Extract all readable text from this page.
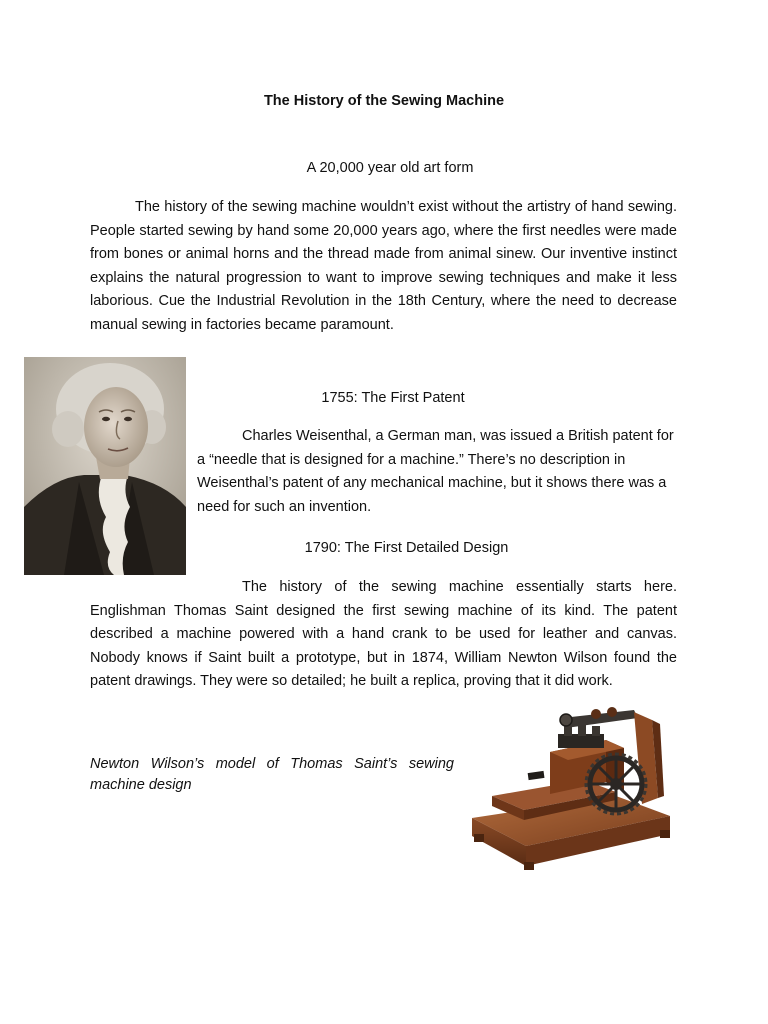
The History of the Sewing Machine
A 20,000 year old art form
The history of the sewing machine wouldn’t exist without the artistry of hand sewing. People started sewing by hand some 20,000 years ago, where the first needles were made from bones or animal horns and the thread made from animal sinew. Our inventive instinct explains the natural progression to want to improve sewing techniques and make it less laborious. Cue the Industrial Revolution in the 18th Century, where the need to decrease manual sewing in factories became paramount.
1755: The First Patent
Charles Weisenthal, a German man, was issued a British patent for a “needle that is designed for a machine.” There’s no description in Weisenthal’s patent of any mechanical machine, but it shows there was a need for such an invention.
1790: The First Detailed Design
The history of the sewing machine essentially starts here. Englishman Thomas Saint designed the first sewing machine of its kind. The patent described a machine powered with a hand crank to be used for leather and canvas. Nobody knows if Saint built a prototype, but in 1874, William Newton Wilson found the patent drawings. They were so detailed; he built a replica, proving that it did work.
Newton Wilson’s model of Thomas Saint’s sewing machine design
